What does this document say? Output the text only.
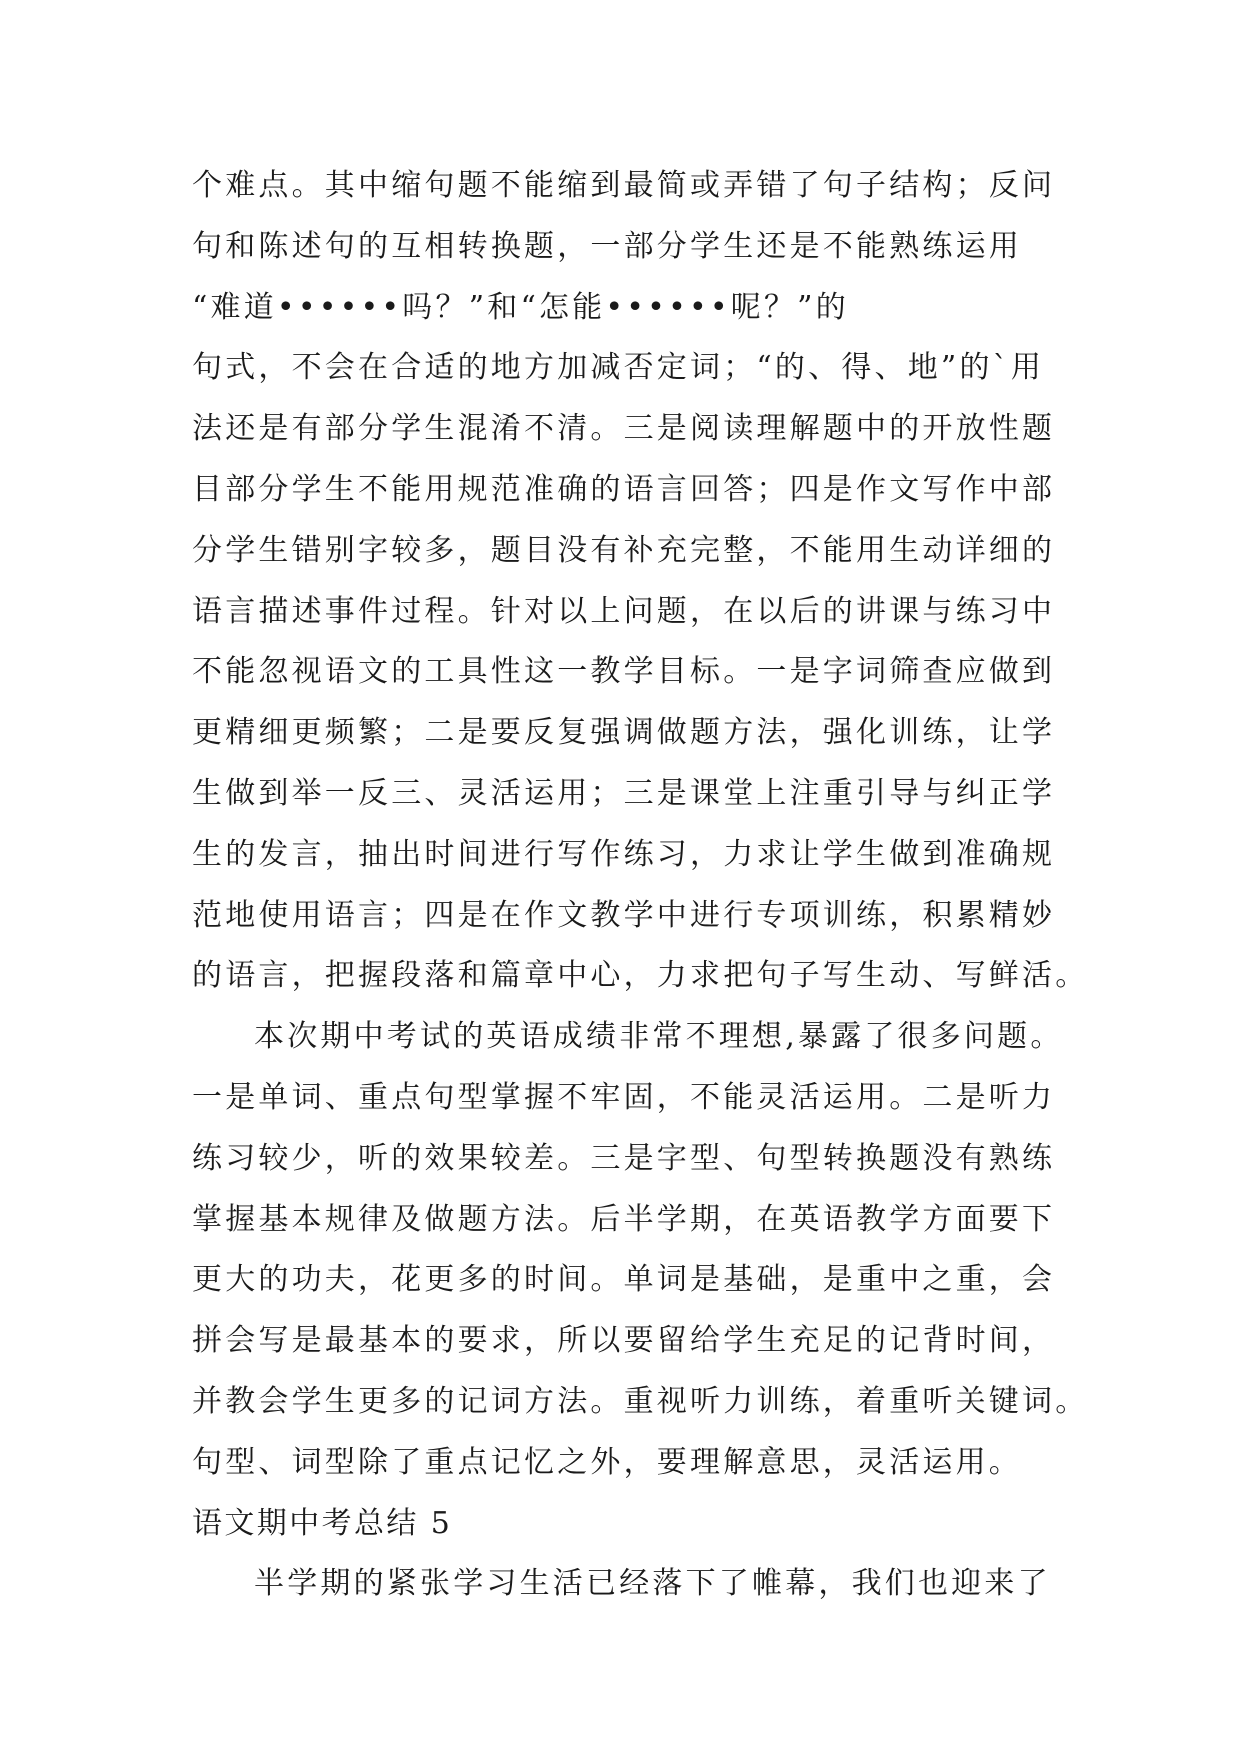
个难点。其中缩句题不能缩到最简或弄错了句子结构；反问
句和陈述句的互相转换题，一部分学生还是不能熟练运用
“难道••••••吗？”和“怎能••••••呢？”的
句式，不会在合适的地方加减否定词；“的、得、地”的`用
法还是有部分学生混淆不清。三是阅读理解题中的开放性题
目部分学生不能用规范准确的语言回答；四是作文写作中部
分学生错别字较多，题目没有补充完整，不能用生动详细的
语言描述事件过程。针对以上问题，在以后的讲课与练习中
不能忽视语文的工具性这一教学目标。一是字词筛查应做到
更精细更频繁；二是要反复强调做题方法，强化训练，让学
生做到举一反三、灵活运用；三是课堂上注重引导与纠正学
生的发言，抽出时间进行写作练习，力求让学生做到准确规
范地使用语言；四是在作文教学中进行专项训练，积累精妙
的语言，把握段落和篇章中心，力求把句子写生动、写鲜活。
本次期中考试的英语成绩非常不理想,暴露了很多问题。
一是单词、重点句型掌握不牢固，不能灵活运用。二是听力
练习较少，听的效果较差。三是字型、句型转换题没有熟练
掌握基本规律及做题方法。后半学期，在英语教学方面要下
更大的功夫，花更多的时间。单词是基础，是重中之重，会
拼会写是最基本的要求，所以要留给学生充足的记背时间，
并教会学生更多的记词方法。重视听力训练，着重听关键词。
句型、词型除了重点记忆之外，要理解意思，灵活运用。
语文期中考总结 5
半学期的紧张学习生活已经落下了帷幕，我们也迎来了
